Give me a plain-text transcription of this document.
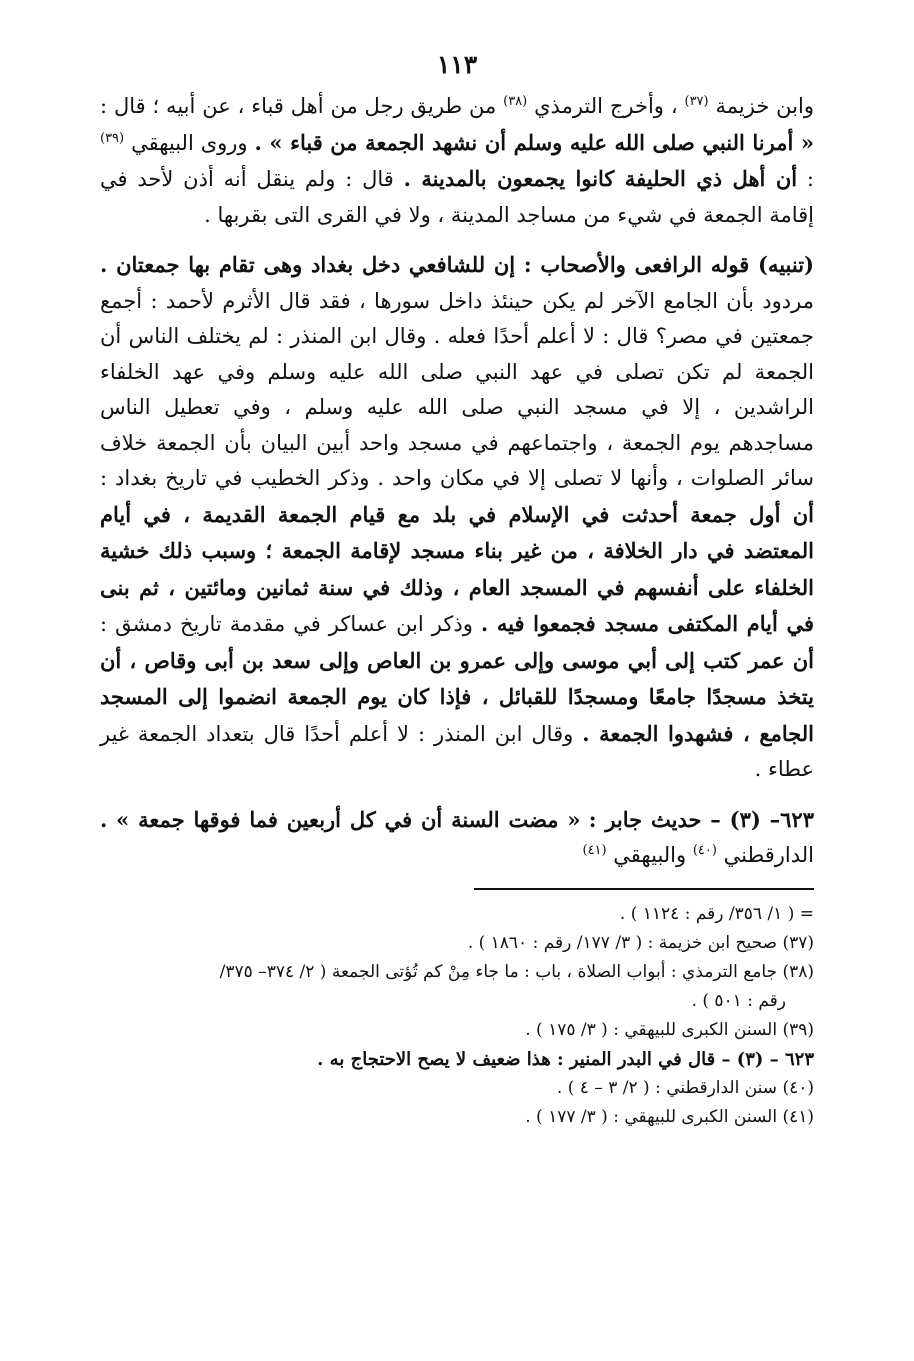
١١٣

وابن خزيمة $^{(٣٧)}$ ، وأخرج الترمذي $^{(٣٨)}$ من طريق رجل من أهل قباء ، عن أبيه ؛ قال : « أمرنا النبي صلى الله عليه وسلم أن نشهد الجمعة من قباء » . وروى البيهقي $^{(٣٩)}$ : أن أهل ذي الحليفة كانوا يجمعون بالمدينة . قال : ولم ينقل أنه أذن لأحد في إقامة الجمعة في شيء من مساجد المدينة ، ولا في القرى التى بقربها .

(تنبيه) قوله الرافعى والأصحاب : إن للشافعي دخل بغداد وهى تقام بها جمعتان . مردود بأن الجامع الآخر لم يكن حينئذ داخل سورها ، فقد قال الأثرم لأحمد : أجمع جمعتين في مصر؟ قال : لا أعلم أحدًا فعله . وقال ابن المنذر : لم يختلف الناس أن الجمعة لم تكن تصلى في عهد النبي صلى الله عليه وسلم وفي عهد الخلفاء الراشدين ، إلا في مسجد النبي صلى الله عليه وسلم ، وفي تعطيل الناس مساجدهم يوم الجمعة ، واجتماعهم في مسجد واحد أبين البيان بأن الجمعة خلاف سائر الصلوات ، وأنها لا تصلى إلا في مكان واحد . وذكر الخطيب في تاريخ بغداد : أن أول جمعة أحدثت في الإسلام في بلد مع قيام الجمعة القديمة ، في أيام المعتضد في دار الخلافة ، من غير بناء مسجد لإقامة الجمعة ؛ وسبب ذلك خشية الخلفاء على أنفسهم في المسجد العام ، وذلك في سنة ثمانين ومائتين ، ثم بنى في أيام المكتفى مسجد فجمعوا فيه . وذكر ابن عساكر في مقدمة تاريخ دمشق : أن عمر كتب إلى أبي موسى وإلى عمرو بن العاص وإلى سعد بن أبى وقاص ، أن يتخذ مسجدًا جامعًا ومسجدًا للقبائل ، فإذا كان يوم الجمعة انضموا إلى المسجد الجامع ، فشهدوا الجمعة . وقال ابن المنذر : لا أعلم أحدًا قال بتعداد الجمعة غير عطاء .

٦٢٣– (٣) – حديث جابر : « مضت السنة أن في كل أربعين فما فوقها جمعة » . الدارقطني $^{(٤٠)}$ والبيهقي $^{(٤١)}$

= ( ١/ ٣٥٦/ رقم : ١١٢٤ ) .

(٣٧) صحيح ابن خزيمة : ( ٣/ ١٧٧/ رقم : ١٨٦٠ ) .

(٣٨) جامع الترمذي : أبواب الصلاة ، باب : ما جاء مِنْ كم تُؤتى الجمعة ( ٢/ ٣٧٤– ٣٧٥/

رقم : ٥٠١ ) .

(٣٩) السنن الكبرى للبيهقي : ( ٣/ ١٧٥ ) .

٦٢٣ – (٣) – قال في البدر المنير : هذا ضعيف لا يصح الاحتجاج به .

(٤٠) سنن الدارقطني : ( ٢/ ٣ – ٤ ) .

(٤١) السنن الكبرى للبيهقي : ( ٣/ ١٧٧ ) .
